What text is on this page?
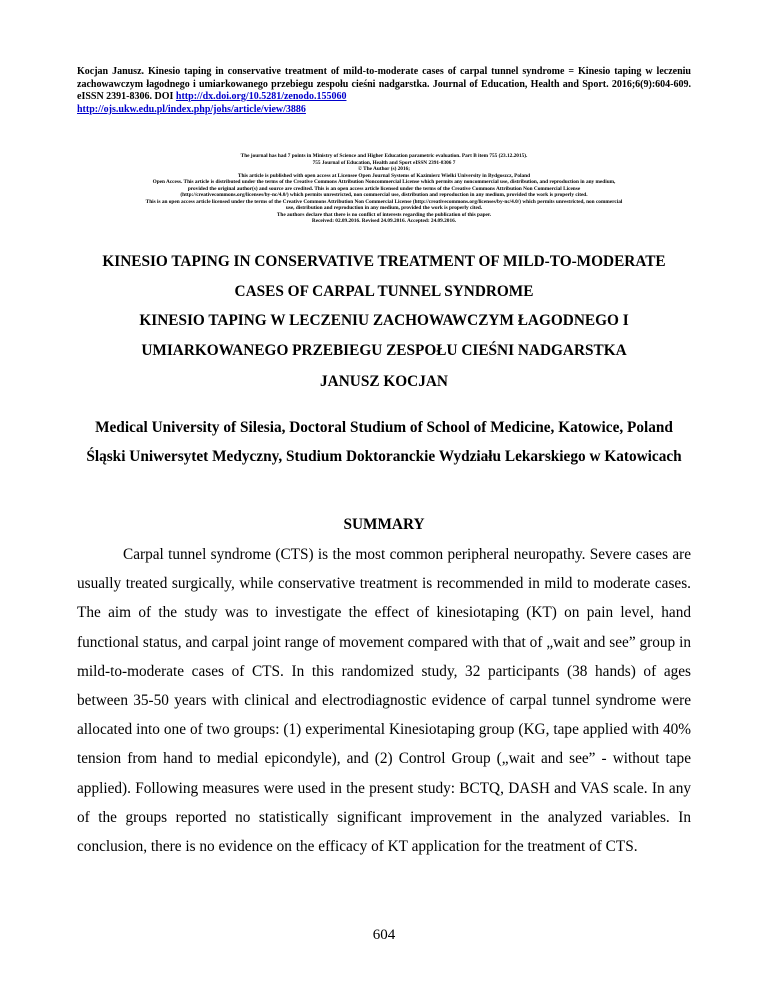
Kocjan Janusz. Kinesio taping in conservative treatment of mild-to-moderate cases of carpal tunnel syndrome = Kinesio taping w leczeniu zachowawczym łagodnego i umiarkowanego przebiegu zespołu cieśni nadgarstka. Journal of Education, Health and Sport. 2016;6(9):604-609. eISSN 2391-8306. DOI http://dx.doi.org/10.5281/zenodo.155060
http://ojs.ukw.edu.pl/index.php/johs/article/view/3886
The journal has had 7 points in Ministry of Science and Higher Education parametric evaluation. Part B item 755 (23.12.2015).
755 Journal of Education, Health and Sport eISSN 2391-8306 7
© The Author (s) 2016;
This article is published with open access at Licensee Open Journal Systems of Kazimierz Wielki University in Bydgoszcz, Poland
Open Access. This article is distributed under the terms of the Creative Commons Attribution Noncommercial License which permits any noncommercial use, distribution, and reproduction in any medium,
provided the original author(s) and source are credited. This is an open access article licensed under the terms of the Creative Commons Attribution Non Commercial License
(http://creativecommons.org/licenses/by-nc/4.0/) which permits unrestricted, non commercial use, distribution and reproduction in any medium, provided the work is properly cited.
This is an open access article licensed under the terms of the Creative Commons Attribution Non Commercial License (http://creativecommons.org/licenses/by-nc/4.0/) which permits unrestricted, non commercial
use, distribution and reproduction in any medium, provided the work is properly cited.
The authors declare that there is no conflict of interests regarding the publication of this paper.
Received: 02.09.2016. Revised 24.09.2016. Accepted: 24.09.2016.
KINESIO TAPING IN CONSERVATIVE TREATMENT OF MILD-TO-MODERATE
CASES OF CARPAL TUNNEL SYNDROME
KINESIO TAPING W LECZENIU ZACHOWAWCZYM ŁAGODNEGO I
UMIARKOWANEGO PRZEBIEGU ZESPOŁU CIEŚNI NADGARSTKA
JANUSZ KOCJAN
Medical University of Silesia, Doctoral Studium of School of Medicine, Katowice, Poland
Śląski Uniwersytet Medyczny, Studium Doktoranckie Wydziału Lekarskiego w Katowicach
SUMMARY
Carpal tunnel syndrome (CTS) is the most common peripheral neuropathy. Severe cases are usually treated surgically, while conservative treatment is recommended in mild to moderate cases. The aim of the study was to investigate the effect of kinesiotaping (KT) on pain level, hand functional status, and carpal joint range of movement compared with that of „wait and see” group in mild-to-moderate cases of CTS. In this randomized study, 32 participants (38 hands) of ages between 35-50 years with clinical and electrodiagnostic evidence of carpal tunnel syndrome were allocated into one of two groups: (1) experimental Kinesiotaping group (KG, tape applied with 40% tension from hand to medial epicondyle), and (2) Control Group („wait and see” - without tape applied). Following measures were used in the present study: BCTQ, DASH and VAS scale. In any of the groups reported no statistically significant improvement in the analyzed variables. In conclusion, there is no evidence on the efficacy of KT application for the treatment of CTS.
604
